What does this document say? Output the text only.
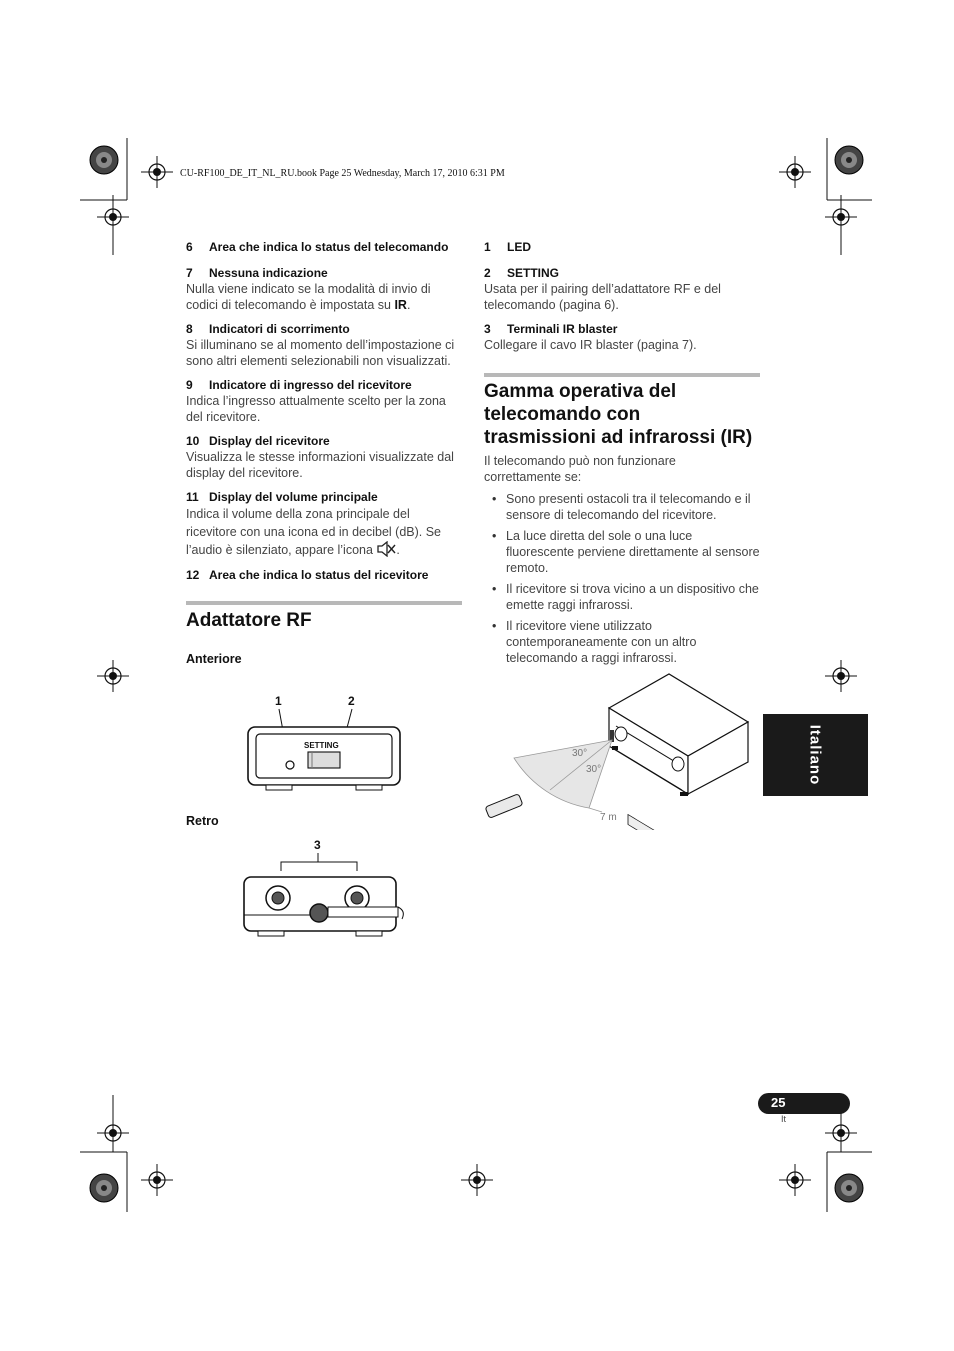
CU-RF100_DE_IT_NL_RU.book Page 25 Wednesday, March 17, 2010 6:31 PM
6 Area che indica lo status del telecomando
7 Nessuna indicazione
Nulla viene indicato se la modalità di invio di codici di telecomando è impostata su IR.
8 Indicatori di scorrimento
Si illuminano se al momento dell’impostazione ci sono altri elementi selezionabili non visualizzati.
9 Indicatore di ingresso del ricevitore
Indica l’ingresso attualmente scelto per la zona del ricevitore.
10 Display del ricevitore
Visualizza le stesse informazioni visualizzate dal display del ricevitore.
11 Display del volume principale
Indica il volume della zona principale del ricevitore con una icona ed in decibel (dB). Se l’audio è silenziato, appare l’icona .
12 Area che indica lo status del ricevitore
Adattatore RF
Anteriore
1	2
SETTING
Retro
3
1 LED
2 SETTING
Usata per il pairing dell’adattatore RF e del telecomando (pagina 6).
3 Terminali IR blaster
Collegare il cavo IR blaster (pagina 7).
Gamma operativa del telecomando con trasmissioni ad infrarossi (IR)
Il telecomando può non funzionare correttamente se:
• Sono presenti ostacoli tra il telecomando e il sensore di telecomando del ricevitore.
• La luce diretta del sole o una luce fluorescente perviene direttamente al sensore remoto.
• Il ricevitore si trova vicino a un dispositivo che emette raggi infrarossi.
• Il ricevitore viene utilizzato contemporaneamente con un altro telecomando a raggi infrarossi.
30°
30°
7 m
Italiano
25
It
